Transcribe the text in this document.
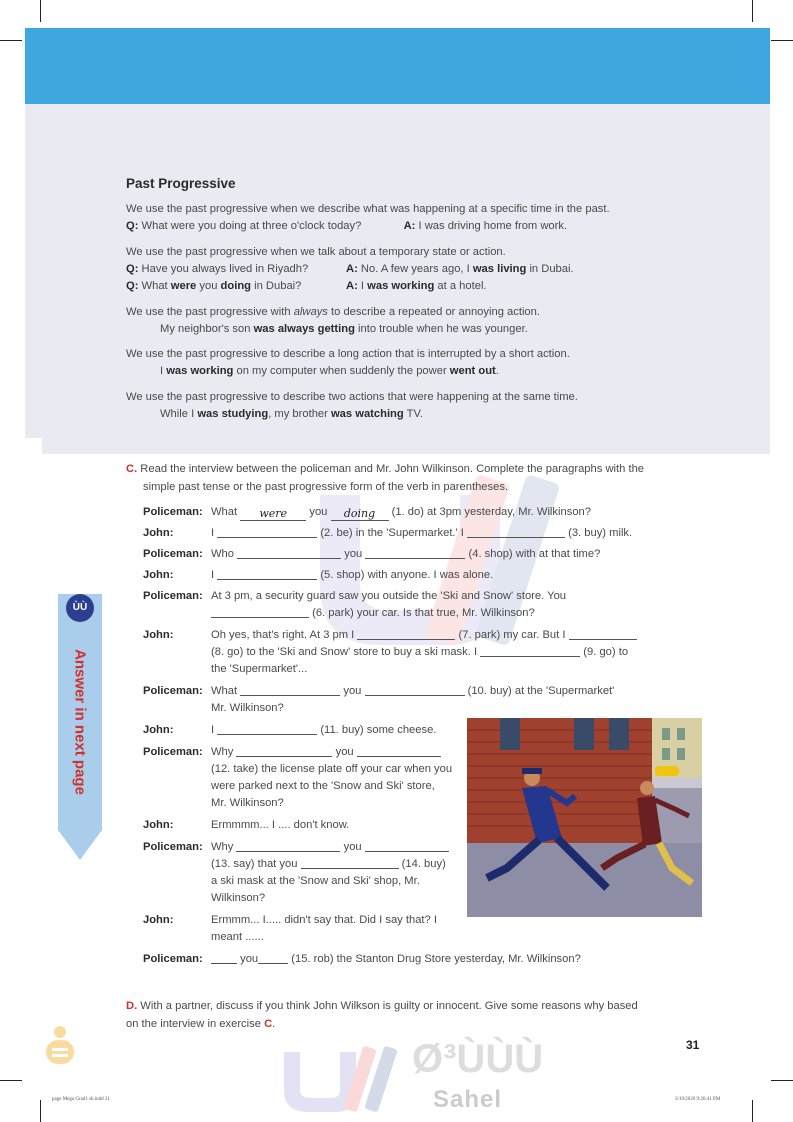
Past Progressive
We use the past progressive when we describe what was happening at a specific time in the past.
Q: What were you doing at three o'clock today?	A: I was driving home from work.
We use the past progressive when we talk about a temporary state or action.
Q: Have you always lived in Riyadh?	A: No. A few years ago, I was living in Dubai.
Q: What were you doing in Dubai?	A: I was working at a hotel.
We use the past progressive with always to describe a repeated or annoying action.
My neighbor's son was always getting into trouble when he was younger.
We use the past progressive to describe a long action that is interrupted by a short action.
I was working on my computer when suddenly the power went out.
We use the past progressive to describe two actions that were happening at the same time.
While I was studying, my brother was watching TV.
C. Read the interview between the policeman and Mr. John Wilkinson. Complete the paragraphs with the simple past tense or the past progressive form of the verb in parentheses.
Policeman: What were you doing (1. do) at 3pm yesterday, Mr. Wilkinson?
John:	I	(2. be) in the 'Supermarket.' I	(3. buy) milk.
Policeman: Who	you	(4. shop) with at that time?
John:	I	(5. shop) with anyone. I was alone.
Policeman: At 3 pm, a security guard saw you outside the 'Ski and Snow' store. You
(6. park) your car. Is that true, Mr. Wilkinson?
John:	Oh yes, that's right. At 3 pm I	(7. park) my car. But I
(8. go) to the 'Ski and Snow' store to buy a ski mask. I	(9. go) to
the 'Supermarket'...
Policeman: What	you	(10. buy) at the 'Supermarket'
Mr. Wilkinson?
John:	I	(11. buy) some cheese.
Policeman: Why	you
(12. take) the license plate off your car when you
were parked next to the 'Snow and Ski' store,
Mr. Wilkinson?
John:	Ermmmm... I .... don't know.
Policeman: Why	you
(13. say) that you	(14. buy)
a ski mask at the 'Snow and Ski' shop, Mr.
Wilkinson?
John:	Ermmm... I..... didn't say that. Did I say that? I
meant ......
Policeman:	you	(15. rob) the Stanton Drug Store yesterday, Mr. Wilkinson?
Answer in next page
ÙÙ
D. With a partner, discuss if you think John Wilkson is guilty or innocent. Give some reasons why based on the interview in exercise C.
31
Ø³ÙÙÙ
Sahel
page Mega Grad1 sb.indd 31	3/19/2020 9:26:41 PM
